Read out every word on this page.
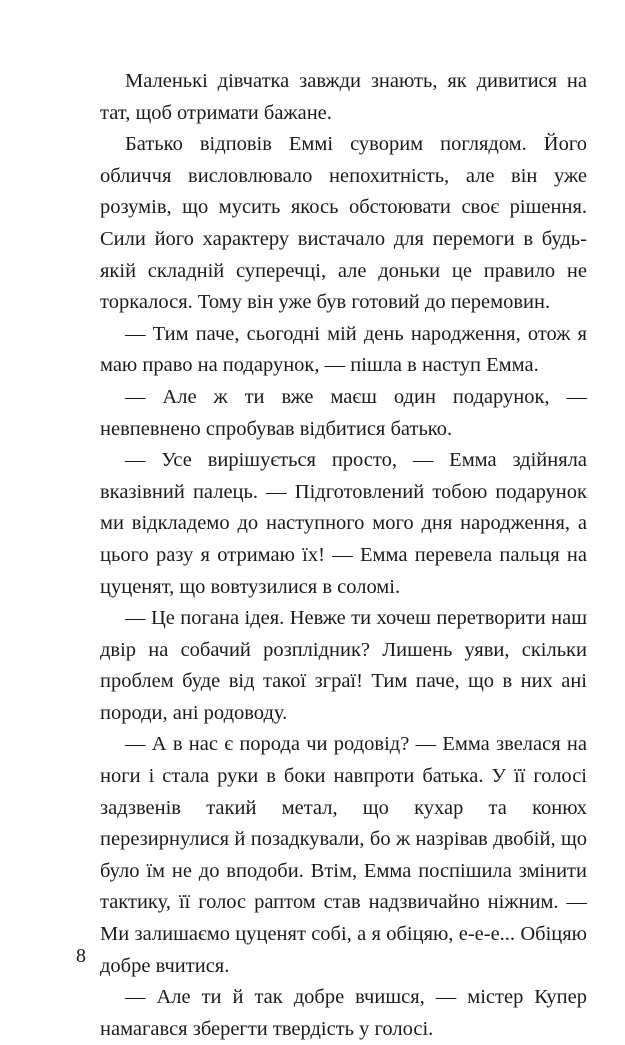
Маленькі дівчатка завжди знають, як дивитися на тат, щоб отримати бажане.

Батько відповів Еммі суворим поглядом. Його обличчя висловлювало непохитність, але він уже розумів, що мусить якось обстоювати своє рішення. Сили його характеру вистачало для перемоги в будь-якій складній суперечці, але доньки це правило не торкалося. Тому він уже був готовий до перемовин.

— Тим паче, сьогодні мій день народження, отож я маю право на подарунок, — пішла в наступ Емма.

— Але ж ти вже маєш один подарунок, — невпевнено спробував відбитися батько.

— Усе вирішується просто, — Емма здійняла вказівний палець. — Підготовлений тобою подарунок ми відкладемо до наступного мого дня народження, а цього разу я отримаю їх! — Емма перевела пальця на цуценят, що вовтузилися в соломі.

— Це погана ідея. Невже ти хочеш перетворити наш двір на собачий розплідник? Лишень уяви, скільки проблем буде від такої зграї! Тим паче, що в них ані породи, ані родоводу.

— А в нас є порода чи родовід? — Емма звелася на ноги і стала руки в боки навпроти батька. У її голосі задзвенів такий метал, що кухар та конюх перезирнулися й позадкували, бо ж назрівав двобій, що було їм не до вподоби. Втім, Емма поспішила змінити тактику, її голос раптом став надзвичайно ніжним. — Ми залишаємо цуценят собі, а я обіцяю, е-е-е... Обіцяю добре вчитися.

— Але ти й так добре вчишся, — містер Купер намагався зберегти твердість у голосі.

8
